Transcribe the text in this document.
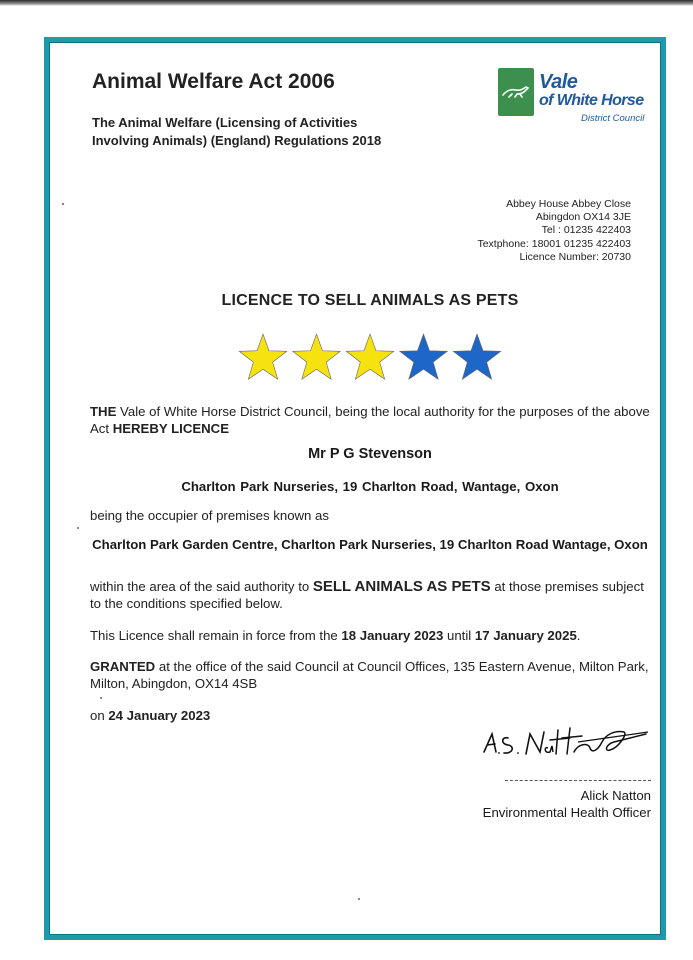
Animal Welfare Act 2006
The Animal Welfare (Licensing of Activities Involving Animals) (England) Regulations 2018
Vale
of White Horse
District Council
Abbey House Abbey Close
Abingdon OX14 3JE
Tel : 01235 422403
Textphone: 18001 01235 422403
Licence Number: 20730
LICENCE TO SELL ANIMALS AS PETS
THE Vale of White Horse District Council, being the local authority for the purposes of the above Act HEREBY LICENCE
Mr P G Stevenson
Charlton Park Nurseries, 19 Charlton Road, Wantage, Oxon
being the occupier of premises known as
Charlton Park Garden Centre, Charlton Park Nurseries, 19 Charlton Road Wantage, Oxon
within the area of the said authority to SELL ANIMALS AS PETS at those premises subject to the conditions specified below.
This Licence shall remain in force from the 18 January 2023 until 17 January 2025.
GRANTED at the office of the said Council at Council Offices, 135 Eastern Avenue, Milton Park, Milton, Abingdon, OX14 4SB
on 24 January 2023
Alick Natton
Environmental Health Officer
